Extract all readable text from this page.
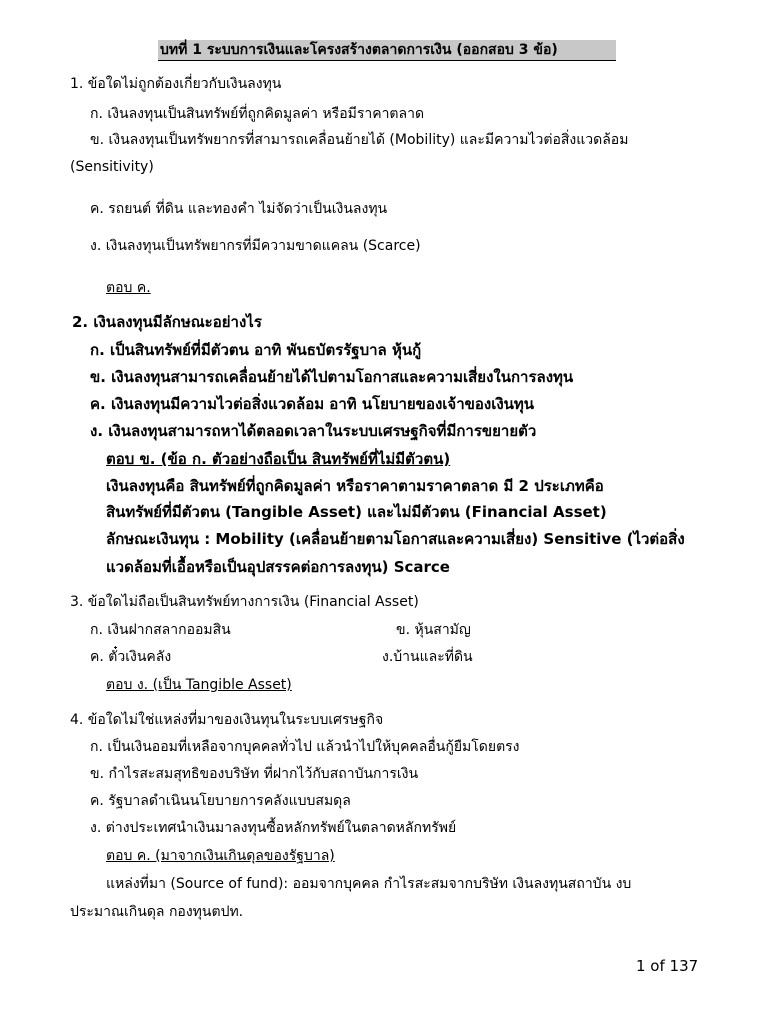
บทที่ 1 ระบบการเงินและโครงสร้างตลาดการเงิน (ออกสอบ 3 ข้อ)
1. ข้อใดไม่ถูกต้องเกี่ยวกับเงินลงทุน
ก. เงินลงทุนเป็นสินทรัพย์ที่ถูกคิดมูลค่า หรือมีราคาตลาด
ข. เงินลงทุนเป็นทรัพยากรที่สามารถเคลื่อนย้ายได้ (Mobility) และมีความไวต่อสิ่งแวดล้อม
(Sensitivity)
ค. รถยนต์ ที่ดิน และทองคำ ไม่จัดว่าเป็นเงินลงทุน
ง. เงินลงทุนเป็นทรัพยากรที่มีความขาดแคลน (Scarce)
ตอบ ค.
2. เงินลงทุนมีลักษณะอย่างไร
ก. เป็นสินทรัพย์ที่มีตัวตน อาทิ พันธบัตรรัฐบาล หุ้นกู้
ข. เงินลงทุนสามารถเคลื่อนย้ายได้ไปตามโอกาสและความเสี่ยงในการลงทุน
ค. เงินลงทุนมีความไวต่อสิ่งแวดล้อม อาทิ นโยบายของเจ้าของเงินทุน
ง. เงินลงทุนสามารถหาได้ตลอดเวลาในระบบเศรษฐกิจที่มีการขยายตัว
ตอบ ข. (ข้อ ก. ตัวอย่างถือเป็น สินทรัพย์ที่ไม่มีตัวตน)
เงินลงทุนคือ สินทรัพย์ที่ถูกคิดมูลค่า หรือราคาตามราคาตลาด มี 2 ประเภทคือ
สินทรัพย์ที่มีตัวตน (Tangible Asset) และไม่มีตัวตน (Financial Asset)
ลักษณะเงินทุน : Mobility (เคลื่อนย้ายตามโอกาสและความเสี่ยง) Sensitive (ไวต่อสิ่ง
แวดล้อมที่เอื้อหรือเป็นอุปสรรคต่อการลงทุน) Scarce
3. ข้อใดไม่ถือเป็นสินทรัพย์ทางการเงิน (Financial Asset)
ก. เงินฝากสลากออมสิน	ข. หุ้นสามัญ
ค. ตั๋วเงินคลัง	ง.บ้านและที่ดิน
ตอบ ง. (เป็น Tangible Asset)
4. ข้อใดไม่ใช่แหล่งที่มาของเงินทุนในระบบเศรษฐกิจ
ก. เป็นเงินออมที่เหลือจากบุคคลทั่วไป แล้วนำไปให้บุคคลอื่นกู้ยืมโดยตรง
ข. กำไรสะสมสุทธิของบริษัท ที่ฝากไว้กับสถาบันการเงิน
ค. รัฐบาลดำเนินนโยบายการคลังแบบสมดุล
ง. ต่างประเทศนำเงินมาลงทุนซื้อหลักทรัพย์ในตลาดหลักทรัพย์
ตอบ ค. (มาจากเงินเกินดุลของรัฐบาล)
แหล่งที่มา (Source of fund): ออมจากบุคคล กำไรสะสมจากบริษัท เงินลงทุนสถาบัน งบ
ประมาณเกินดุล กองทุนตปท.
1 of 137
